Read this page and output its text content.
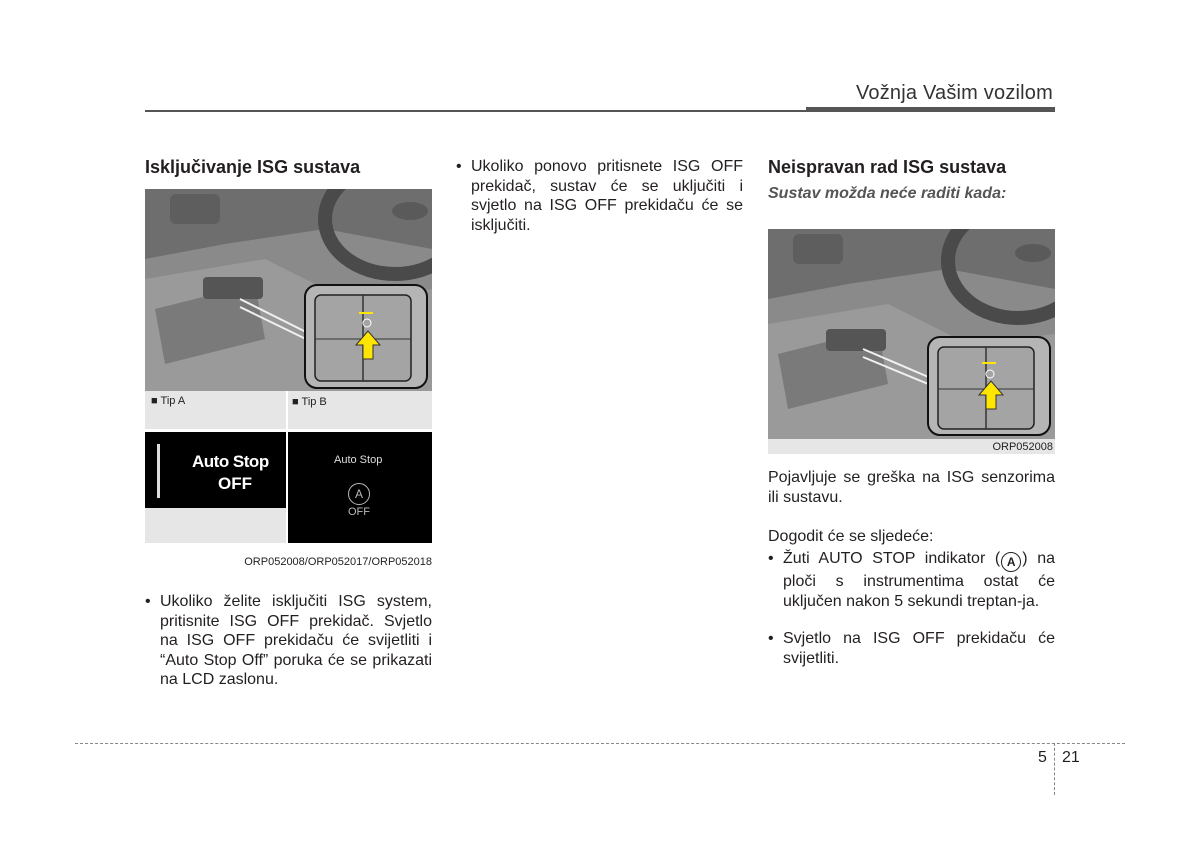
Vožnja Vašim vozilom
Isključivanje ISG sustava
■ Tip A	■ Tip B
Auto Stop
OFF
Auto Stop
A
OFF
ORP052008/ORP052017/ORP052018
• Ukoliko želite isključiti ISG system, pritisnite ISG OFF prekidač. Svjetlo na ISG OFF prekidaču će svijetliti i “Auto Stop Off” poruka će se prikazati na LCD zaslonu.
• Ukoliko ponovo pritisnete ISG OFF prekidač, sustav će se uključiti i svjetlo na ISG OFF prekidaču će se isključiti.
Neispravan rad ISG sustava
Sustav možda neće raditi kada:
ORP052008
Pojavljuje se greška na ISG senzorima ili sustavu.
Dogodit će se sljedeće:
• Žuti AUTO STOP indikator ( A ) na ploči s instrumentima ostat će uključen nakon 5 sekundi treptan-ja.
• Svjetlo na ISG OFF prekidaču će svijetliti.
5 21
